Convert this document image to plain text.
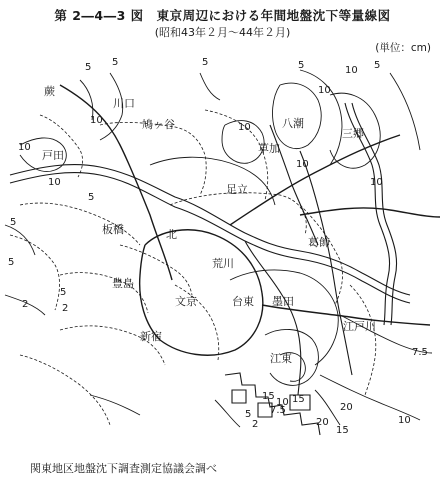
第 2―4―3 図　東京周辺における年間地盤沈下等量線図
(昭和43年２月～44年２月)
(単位：cm)
蕨
戸田
川口
鳩ヶ谷
草加
八潮
三郷
足立
板橋	北
荒川
葛飾
豊島
文京	台東 墨田
新宿
江東
江戸川
5 5	5	5	5
10
10
10
10
10
10
10
5
10
5
5
2
2
7.5
10
15
20
15
15
20
10
7.5
5
2
5
関東地区地盤沈下調査測定協議会調べ
